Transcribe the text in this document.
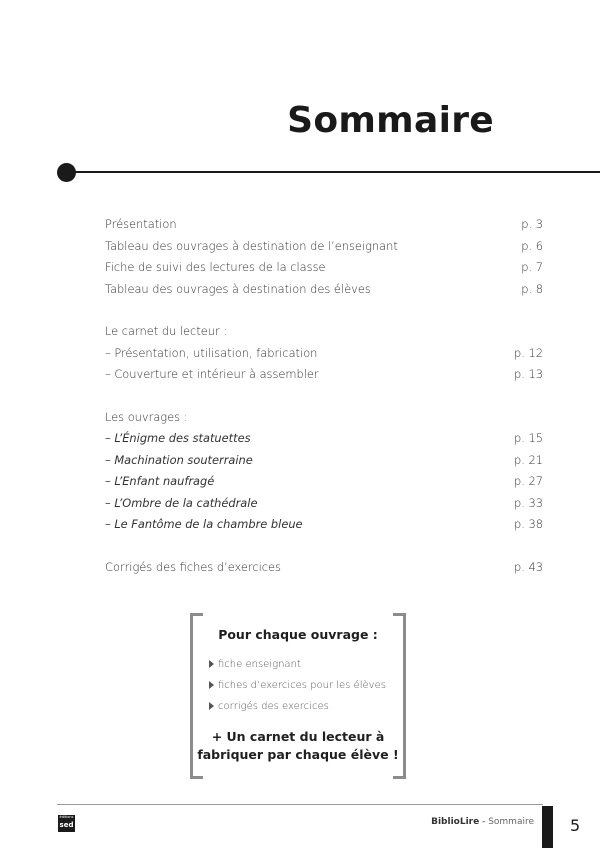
Sommaire
Présentation	p. 3
Tableau des ouvrages à destination de l’enseignant	p. 6
Fiche de suivi des lectures de la classe	p. 7
Tableau des ouvrages à destination des élèves	p. 8
Le carnet du lecteur :
– Présentation, utilisation, fabrication	p. 12
– Couverture et intérieur à assembler	p. 13
Les ouvrages :
– L’Énigme des statuettes	p. 15
– Machination souterraine	p. 21
– L’Enfant naufragé	p. 27
– L’Ombre de la cathédrale	p. 33
– Le Fantôme de la chambre bleue	p. 38
Corrigés des fiches d’exercices	p. 43
Pour chaque ouvrage :
fiche enseignant
fiches d’exercices pour les élèves
corrigés des exercices
+ Un carnet du lecteur à
fabriquer par chaque élève !
éditions
sed	BiblioLire - Sommaire 5
